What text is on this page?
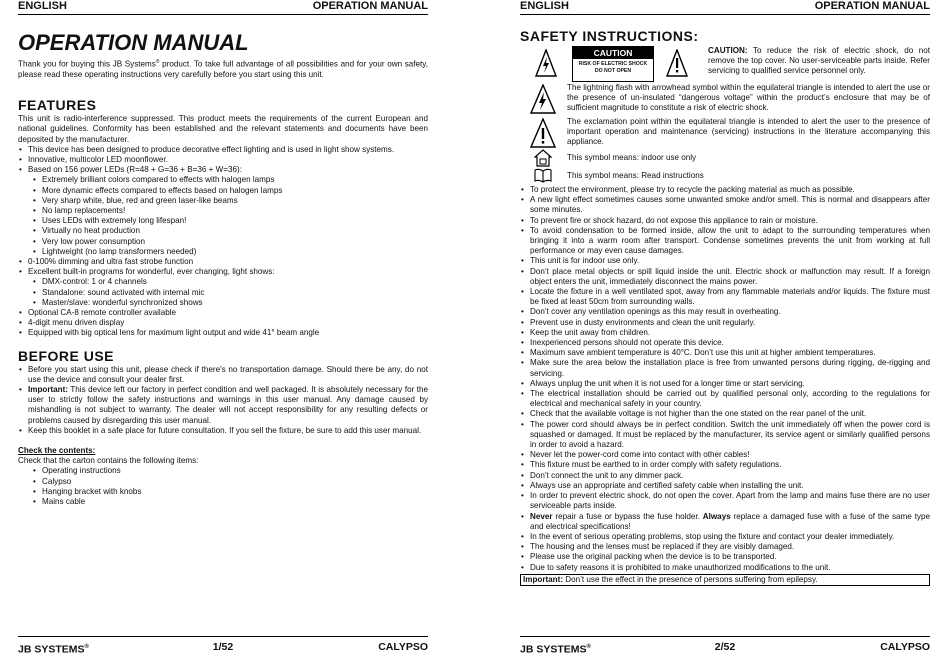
ENGLISH	OPERATION MANUAL
OPERATION MANUAL

Thank you for buying this JB Systems® product. To take full advantage of all possibilities and for your own safety, please read these operating instructions very carefully before you start using this unit.

FEATURES

This unit is radio-interference suppressed. This product meets the requirements of the current European and national guidelines. Conformity has been established and the relevant statements and documents have been deposited by the manufacturer.

• This device has been designed to produce decorative effect lighting and is used in light show systems.
• Innovative, multicolor LED moonflower.
• Based on 156 power LEDs (R=48 + G=36 + B=36 + W=36):
• Extremely brilliant colors compared to effects with halogen lamps
• More dynamic effects compared to effects based on halogen lamps
• Very sharp white, blue, red and green laser-like beams
• No lamp replacements!
• Uses LEDs with extremely long lifespan!
• Virtually no heat production
• Very low power consumption
• Lightweight (no lamp transformers needed)
• 0-100% dimming and ultra fast strobe function
• Excellent built-in programs for wonderful, ever changing, light shows:
• DMX-control: 1 or 4 channels
• Standalone: sound activated with internal mic
• Master/slave: wonderful synchronized shows
• Optional CA-8 remote controller available
• 4-digit menu driven display
• Equipped with big optical lens for maximum light output and wide 41° beam angle
BEFORE USE
• Before you start using this unit, please check if there's no transportation damage. Should there be any, do not use the device and consult your dealer first.
• Important: This device left our factory in perfect condition and well packaged. It is absolutely necessary for the user to strictly follow the safety instructions and warnings in this user manual. Any damage caused by mishandling is not subject to warranty. The dealer will not accept responsibility for any resulting defects or problems caused by disregarding this user manual.
• Keep this booklet in a safe place for future consultation. If you sell the fixture, be sure to add this user manual.

Check the contents:

Check that the carton contains the following items:

• Operating instructions
• Calypso
• Hanging bracket with knobs
• Mains cable
JB SYSTEMS®	1/52	CALYPSO
ENGLISH	OPERATION MANUAL
SAFETY INSTRUCTIONS:
CAUTION
RISK OF ELECTRIC SHOCK
DO NOT OPEN

CAUTION: To reduce the risk of electric shock, do not remove the top cover. No user-serviceable parts inside. Refer servicing to qualified service personnel only.

The lightning flash with arrowhead symbol within the equilateral triangle is intended to alert the use or the presence of un-insulated “dangerous voltage” within the product’s enclosure that may be of sufficient magnitude to constitute a risk of electric shock.

The exclamation point within the equilateral triangle is intended to alert the user to the presence of important operation and maintenance (servicing) instructions in the literature accompanying this appliance.

This symbol means: indoor use only

This symbol means: Read instructions

• To protect the environment, please try to recycle the packing material as much as possible.
• A new light effect sometimes causes some unwanted smoke and/or smell. This is normal and disappears after some minutes.
• To prevent fire or shock hazard, do not expose this appliance to rain or moisture.
• To avoid condensation to be formed inside, allow the unit to adapt to the surrounding temperatures when bringing it into a warm room after transport. Condense sometimes prevents the unit from working at full performance or may even cause damages.
• This unit is for indoor use only.
• Don’t place metal objects or spill liquid inside the unit. Electric shock or malfunction may result. If a foreign object enters the unit, immediately disconnect the mains power.
• Locate the fixture in a well ventilated spot, away from any flammable materials and/or liquids. The fixture must be fixed at least 50cm from surrounding walls.
• Don’t cover any ventilation openings as this may result in overheating.
• Prevent use in dusty environments and clean the unit regularly.
• Keep the unit away from children.
• Inexperienced persons should not operate this device.
• Maximum save ambient temperature is 40°C. Don’t use this unit at higher ambient temperatures.
• Make sure the area below the installation place is free from unwanted persons during rigging, de-rigging and servicing.
• Always unplug the unit when it is not used for a longer time or start servicing.
• The electrical installation should be carried out by qualified personal only, according to the regulations for electrical and mechanical safety in your country.
• Check that the available voltage is not higher than the one stated on the rear panel of the unit.
• The power cord should always be in perfect condition. Switch the unit immediately off when the power cord is squashed or damaged. It must be replaced by the manufacturer, its service agent or similarly qualified persons in order to avoid a hazard.
• Never let the power-cord come into contact with other cables!
• This fixture must be earthed to in order comply with safety regulations.
• Don’t connect the unit to any dimmer pack.
• Always use an appropriate and certified safety cable when installing the unit.
• In order to prevent electric shock, do not open the cover. Apart from the lamp and mains fuse there are no user serviceable parts inside.
• Never repair a fuse or bypass the fuse holder. Always replace a damaged fuse with a fuse of the same type and electrical specifications!
• In the event of serious operating problems, stop using the fixture and contact your dealer immediately.
• The housing and the lenses must be replaced if they are visibly damaged.
• Please use the original packing when the device is to be transported.
• Due to safety reasons it is prohibited to make unauthorized modifications to the unit.

Important: Don’t use the effect in the presence of persons suffering from epilepsy.

JB SYSTEMS®	2/52	CALYPSO
